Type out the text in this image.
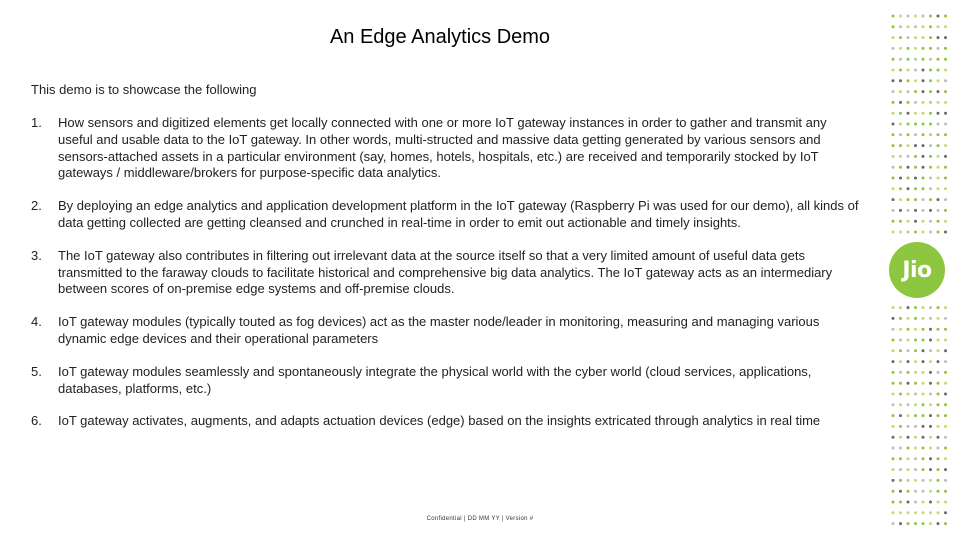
An Edge Analytics Demo
This demo is to showcase the following
1. How sensors and digitized elements get locally connected with one or more IoT gateway instances in order to gather and transmit any useful and usable data to the IoT gateway. In other words, multi-structed and massive data getting generated by various sensors and sensors-attached assets in a particular environment (say, homes, hotels, hospitals, etc.) are received and temporarily stocked by IoT gateways / middleware/brokers for purpose-specific data analytics.
2. By deploying an edge analytics and application development platform in the IoT gateway (Raspberry Pi was used for our demo), all kinds of data getting collected are getting cleansed and crunched in real-time in order to emit out actionable and timely insights.
3. The IoT gateway also contributes in filtering out irrelevant data at the source itself so that a very limited amount of useful data gets transmitted to the faraway clouds to facilitate historical and comprehensive big data analytics. The IoT gateway acts as an intermediary between scores of on-premise edge systems and off-premise clouds.
4. IoT gateway modules (typically touted as fog devices) act as the master node/leader in monitoring, measuring and managing various dynamic edge devices and their operational parameters
5. IoT gateway modules seamlessly and spontaneously integrate the physical world with the cyber world (cloud services, applications, databases, platforms, etc.)
6. IoT gateway activates, augments, and adapts actuation devices (edge) based on the insights extricated through analytics in real time
Confidential | DD MM YY | Version #
Jio
